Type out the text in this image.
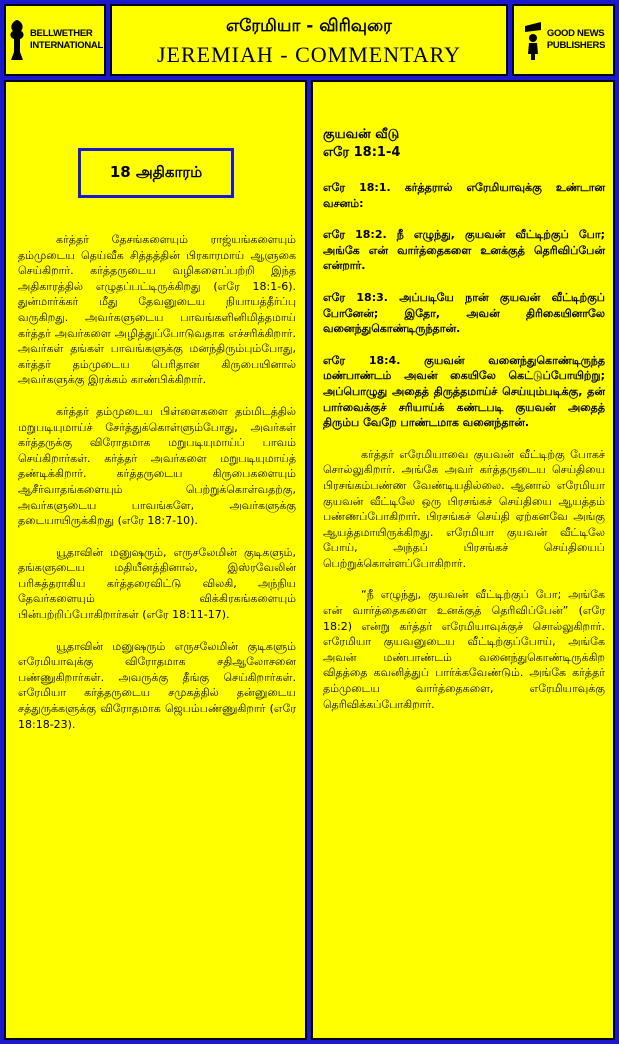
BELLWETHER
INTERNATIONAL
எரேமியா - விரிவுரை
JEREMIAH - COMMENTARY
GOOD NEWS
PUBLISHERS
18 அதிகாரம்

கர்த்தர் தேசங்களையும் ராஜ்யங்களையும் தம்முடைய தெய்வீக சித்தத்தின் பிரகாரமாய் ஆளுகை செய்கிறார். கர்த்தருடைய வழிகளைப்பற்றி இந்த அதிகாரத்தில் எழுதப்பட்டிருக்கிறது (எரே 18:1-6). துன்மார்க்கர் மீது தேவனுடைய நியாயத்தீர்ப்பு வருகிறது. அவர்களுடைய பாவங்களினிமித்தமாய் கர்த்தர் அவர்களை அழித்துப்போடுவதாக எச்சரிக்கிறார். அவர்கள் தங்கள் பாவங்களுக்கு மனந்திரும்பும்போது, கர்த்தர் தம்முடைய பெரிதான கிருபையினால் அவர்களுக்கு இரக்கம் காண்பிக்கிறார்.

கர்த்தர் தம்முடைய பிள்ளைகளை தம்மிடத்தில் மறுபடியுமாய்ச் சேர்த்துக்கொள்ளும்போது, அவர்கள் கர்த்தருக்கு விரோதமாக மறுபடியுமாய்ப் பாவம் செய்கிறார்கள். கர்த்தர் அவர்களை மறுபடியுமாய்த் தண்டிக்கிறார். கர்த்தருடைய கிருபைகளையும் ஆசீர்வாதங்களையும் பெற்றுக்கொள்வதற்கு, அவர்களுடைய பாவங்களே, அவர்களுக்கு தடையாயிருக்கிறது (எரே 18:7-10).

யூதாவின் மனுஷரும், எருசலேமின் குடிகளும், தங்களுடைய மதியீனத்தினால், இஸ்ரவேலின் பரிசுத்தராகிய கர்த்தரைவிட்டு விலகி, அந்நிய தேவர்களையும் விக்கிரகங்களையும் பின்பற்றிப்போகிறார்கள் (எரே 18:11-17).

யூதாவின் மனுஷரும் எருசலேமின் குடிகளும் எரேமியாவுக்கு விரோதமாக சதிஆலோசனை பண்ணுகிறார்கள். அவருக்கு தீங்கு செய்கிறார்கள். எரேமியா கர்த்தருடைய சமுகத்தில் தன்னுடைய சத்துருக்களுக்கு விரோதமாக ஜெபம்பண்ணுகிறார் (எரே 18:18-23).

குயவன் வீடு
எரே 18:1-4

எரே 18:1. கர்த்தரால் எரேமியாவுக்கு உண்டான வசனம்:

எரே 18:2. நீ எழுந்து, குயவன் வீட்டிற்குப் போ; அங்கே என் வார்த்தைகளை உனக்குத் தெரிவிப்பேன் என்றார்.

எரே 18:3. அப்படியே நான் குயவன் வீட்டிற்குப் போனேன்; இதோ, அவன் திரிகையினாலே வனைந்துகொண்டிருந்தான்.

எரே 18:4. குயவன் வனைந்துகொண்டிருந்த மண்பாண்டம் அவன் கையிலே கெட்டுப்போயிற்று; அப்பொழுது அதைத் திருத்தமாய்ச் செய்யும்படிக்கு, தன் பார்வைக்குச் சரியாய்க் கண்டபடி குயவன் அதைத் திரும்ப வேறே பாண்டமாக வனைந்தான்.

கர்த்தர் எரேமியாவை குயவன் வீட்டிற்கு போகச் சொல்லுகிறார். அங்கே அவர் கர்த்தருடைய செய்தியை பிரசங்கம்பண்ண வேண்டியதில்லை. ஆனால் எரேமியா குயவன் வீட்டிலே ஒரு பிரசங்கச் செய்தியை ஆயத்தம் பண்ணப்போகிறார். பிரசங்கச் செய்தி ஏற்கனவே அங்கு ஆயத்தமாயிருக்கிறது. எரேமியா குயவன் வீட்டிலே போய், அந்தப் பிரசங்கச் செய்தியைப் பெற்றுக்கொள்ளப்போகிறார்.

“நீ எழுந்து, குயவன் வீட்டிற்குப் போ; அங்கே என் வார்த்தைகளை உனக்குத் தெரிவிப்பேன்” (எரே 18:2) என்று கர்த்தர் எரேமியாவுக்குச் சொல்லுகிறார். எரேமியா குயவனுடைய வீட்டிற்குப்போய், அங்கே அவன் மண்பாண்டம் வனைந்துகொண்டிருக்கிற விதத்தை கவனித்துப் பார்க்கவேண்டும். அங்கே கர்த்தர் தம்முடைய வார்த்தைகளை, எரேமியாவுக்கு தெரிவிக்கப்போகிறார்.
